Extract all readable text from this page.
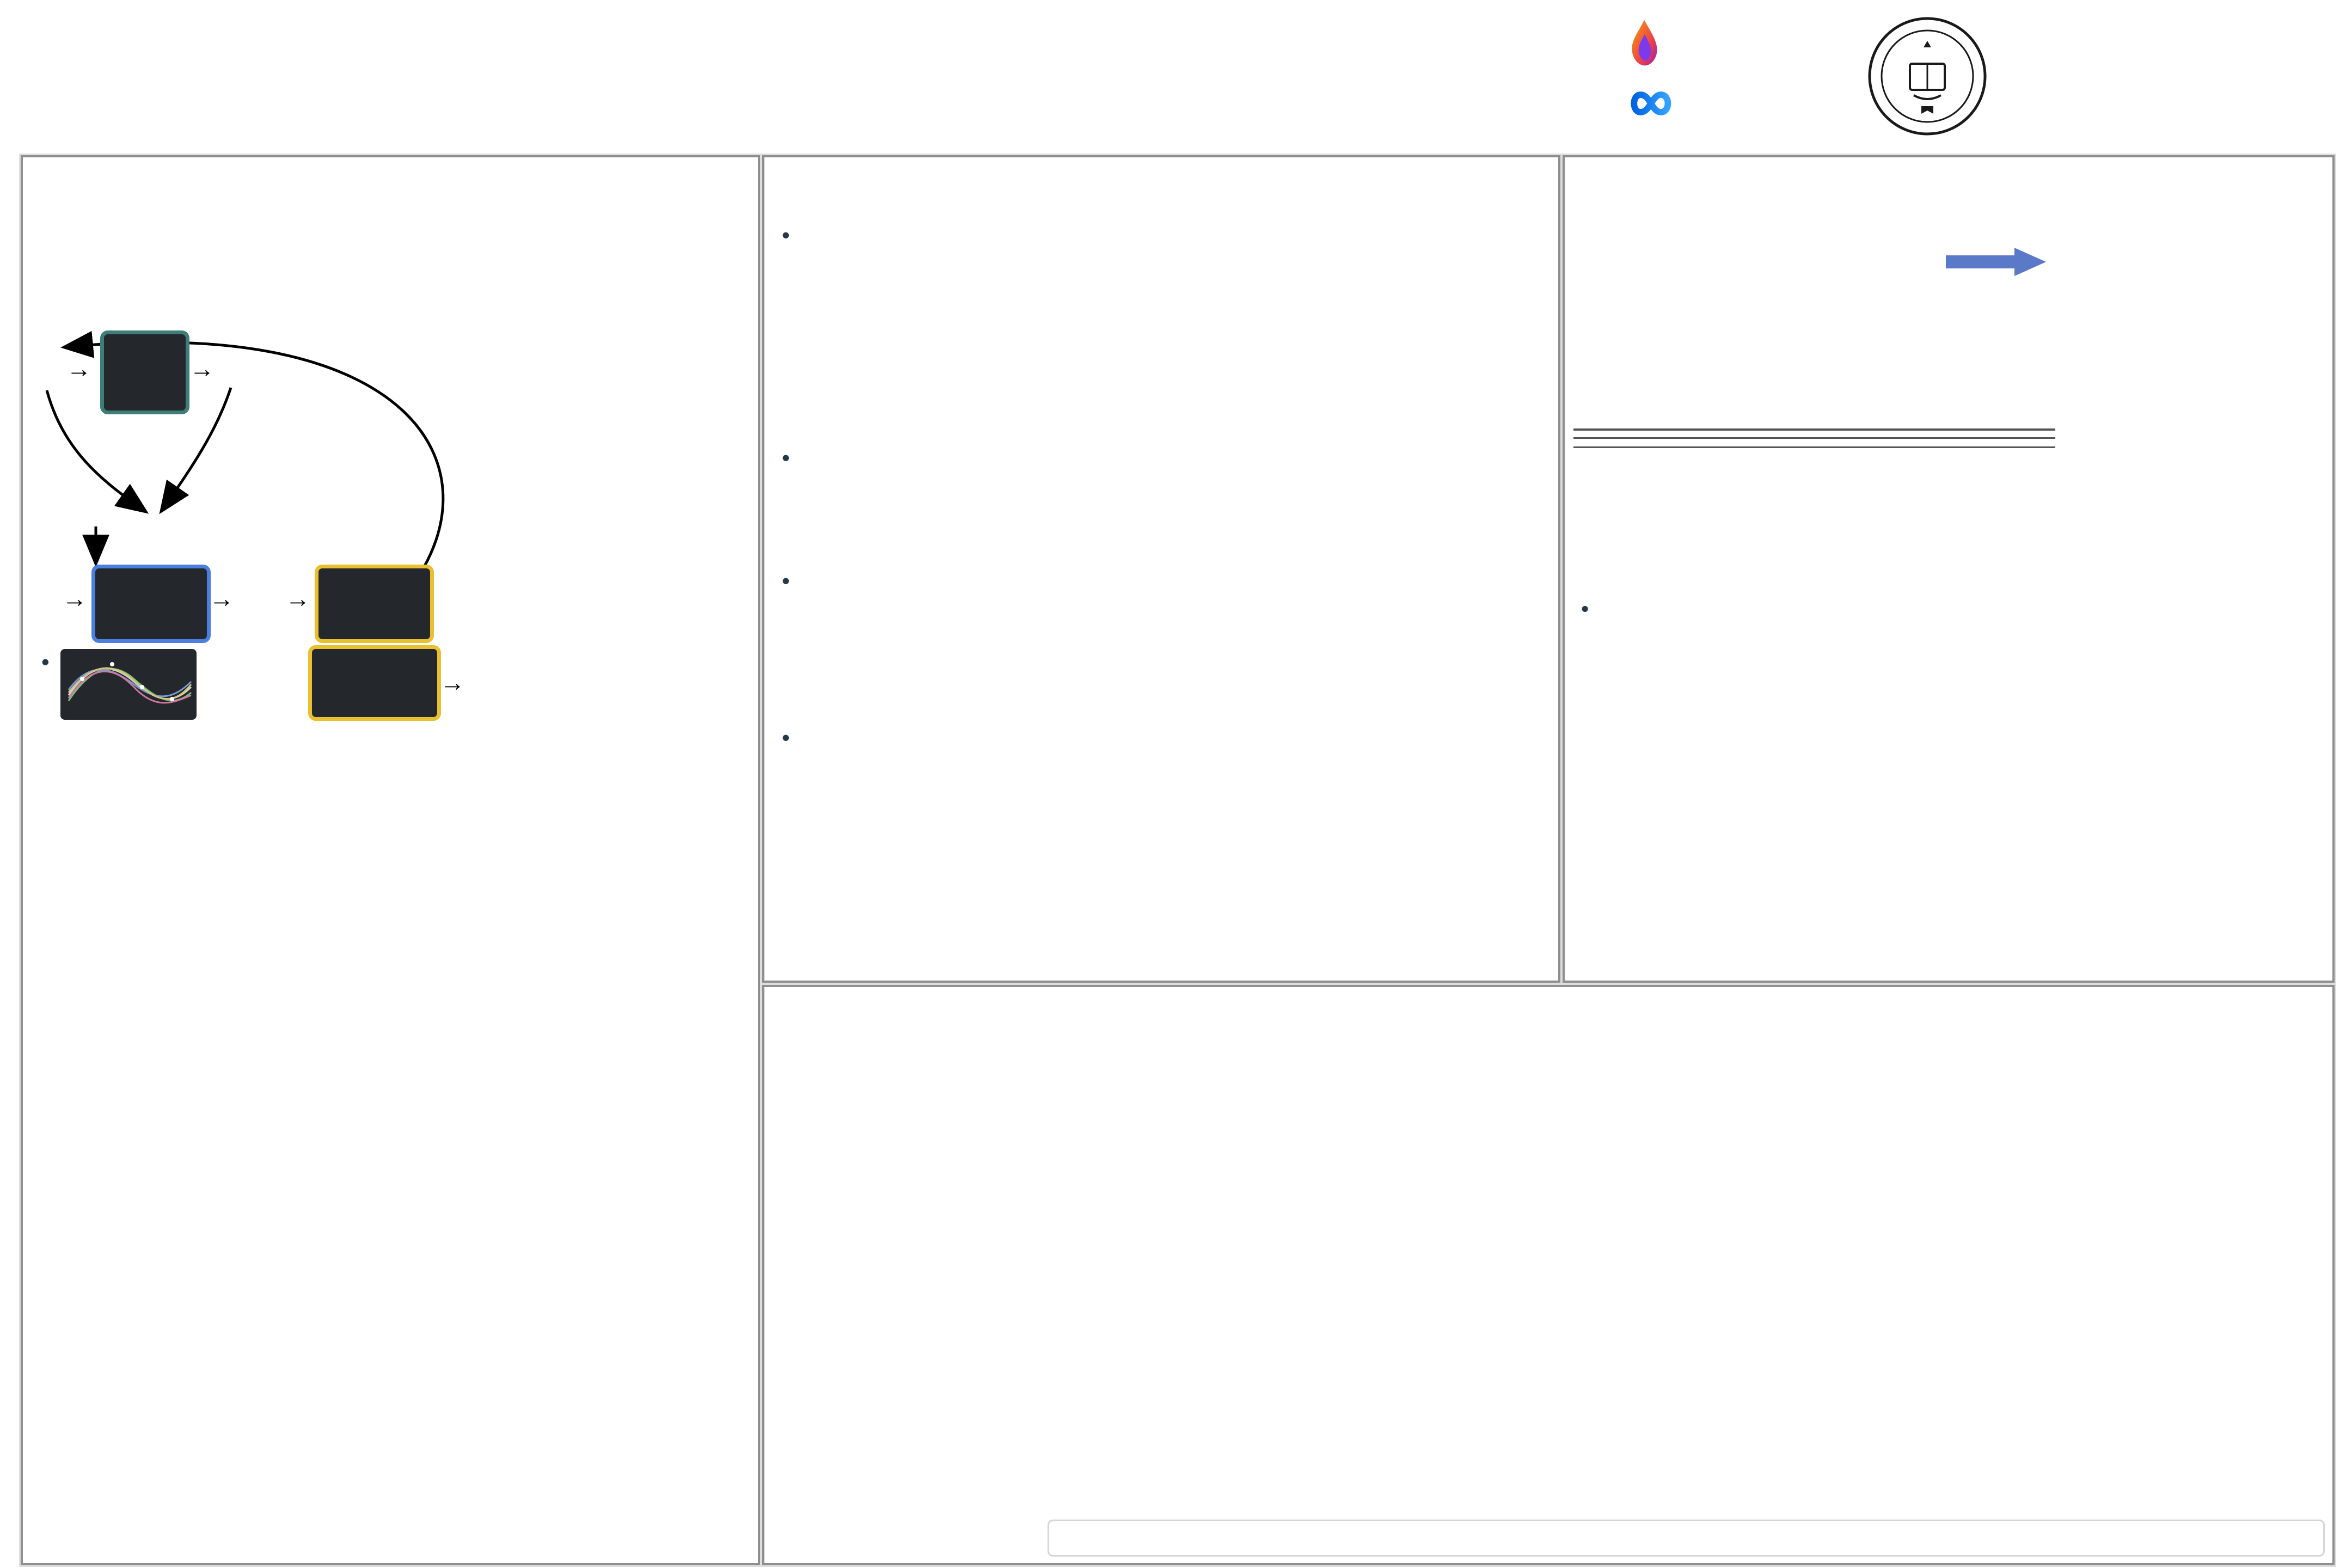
→	→
→	→ →
→
